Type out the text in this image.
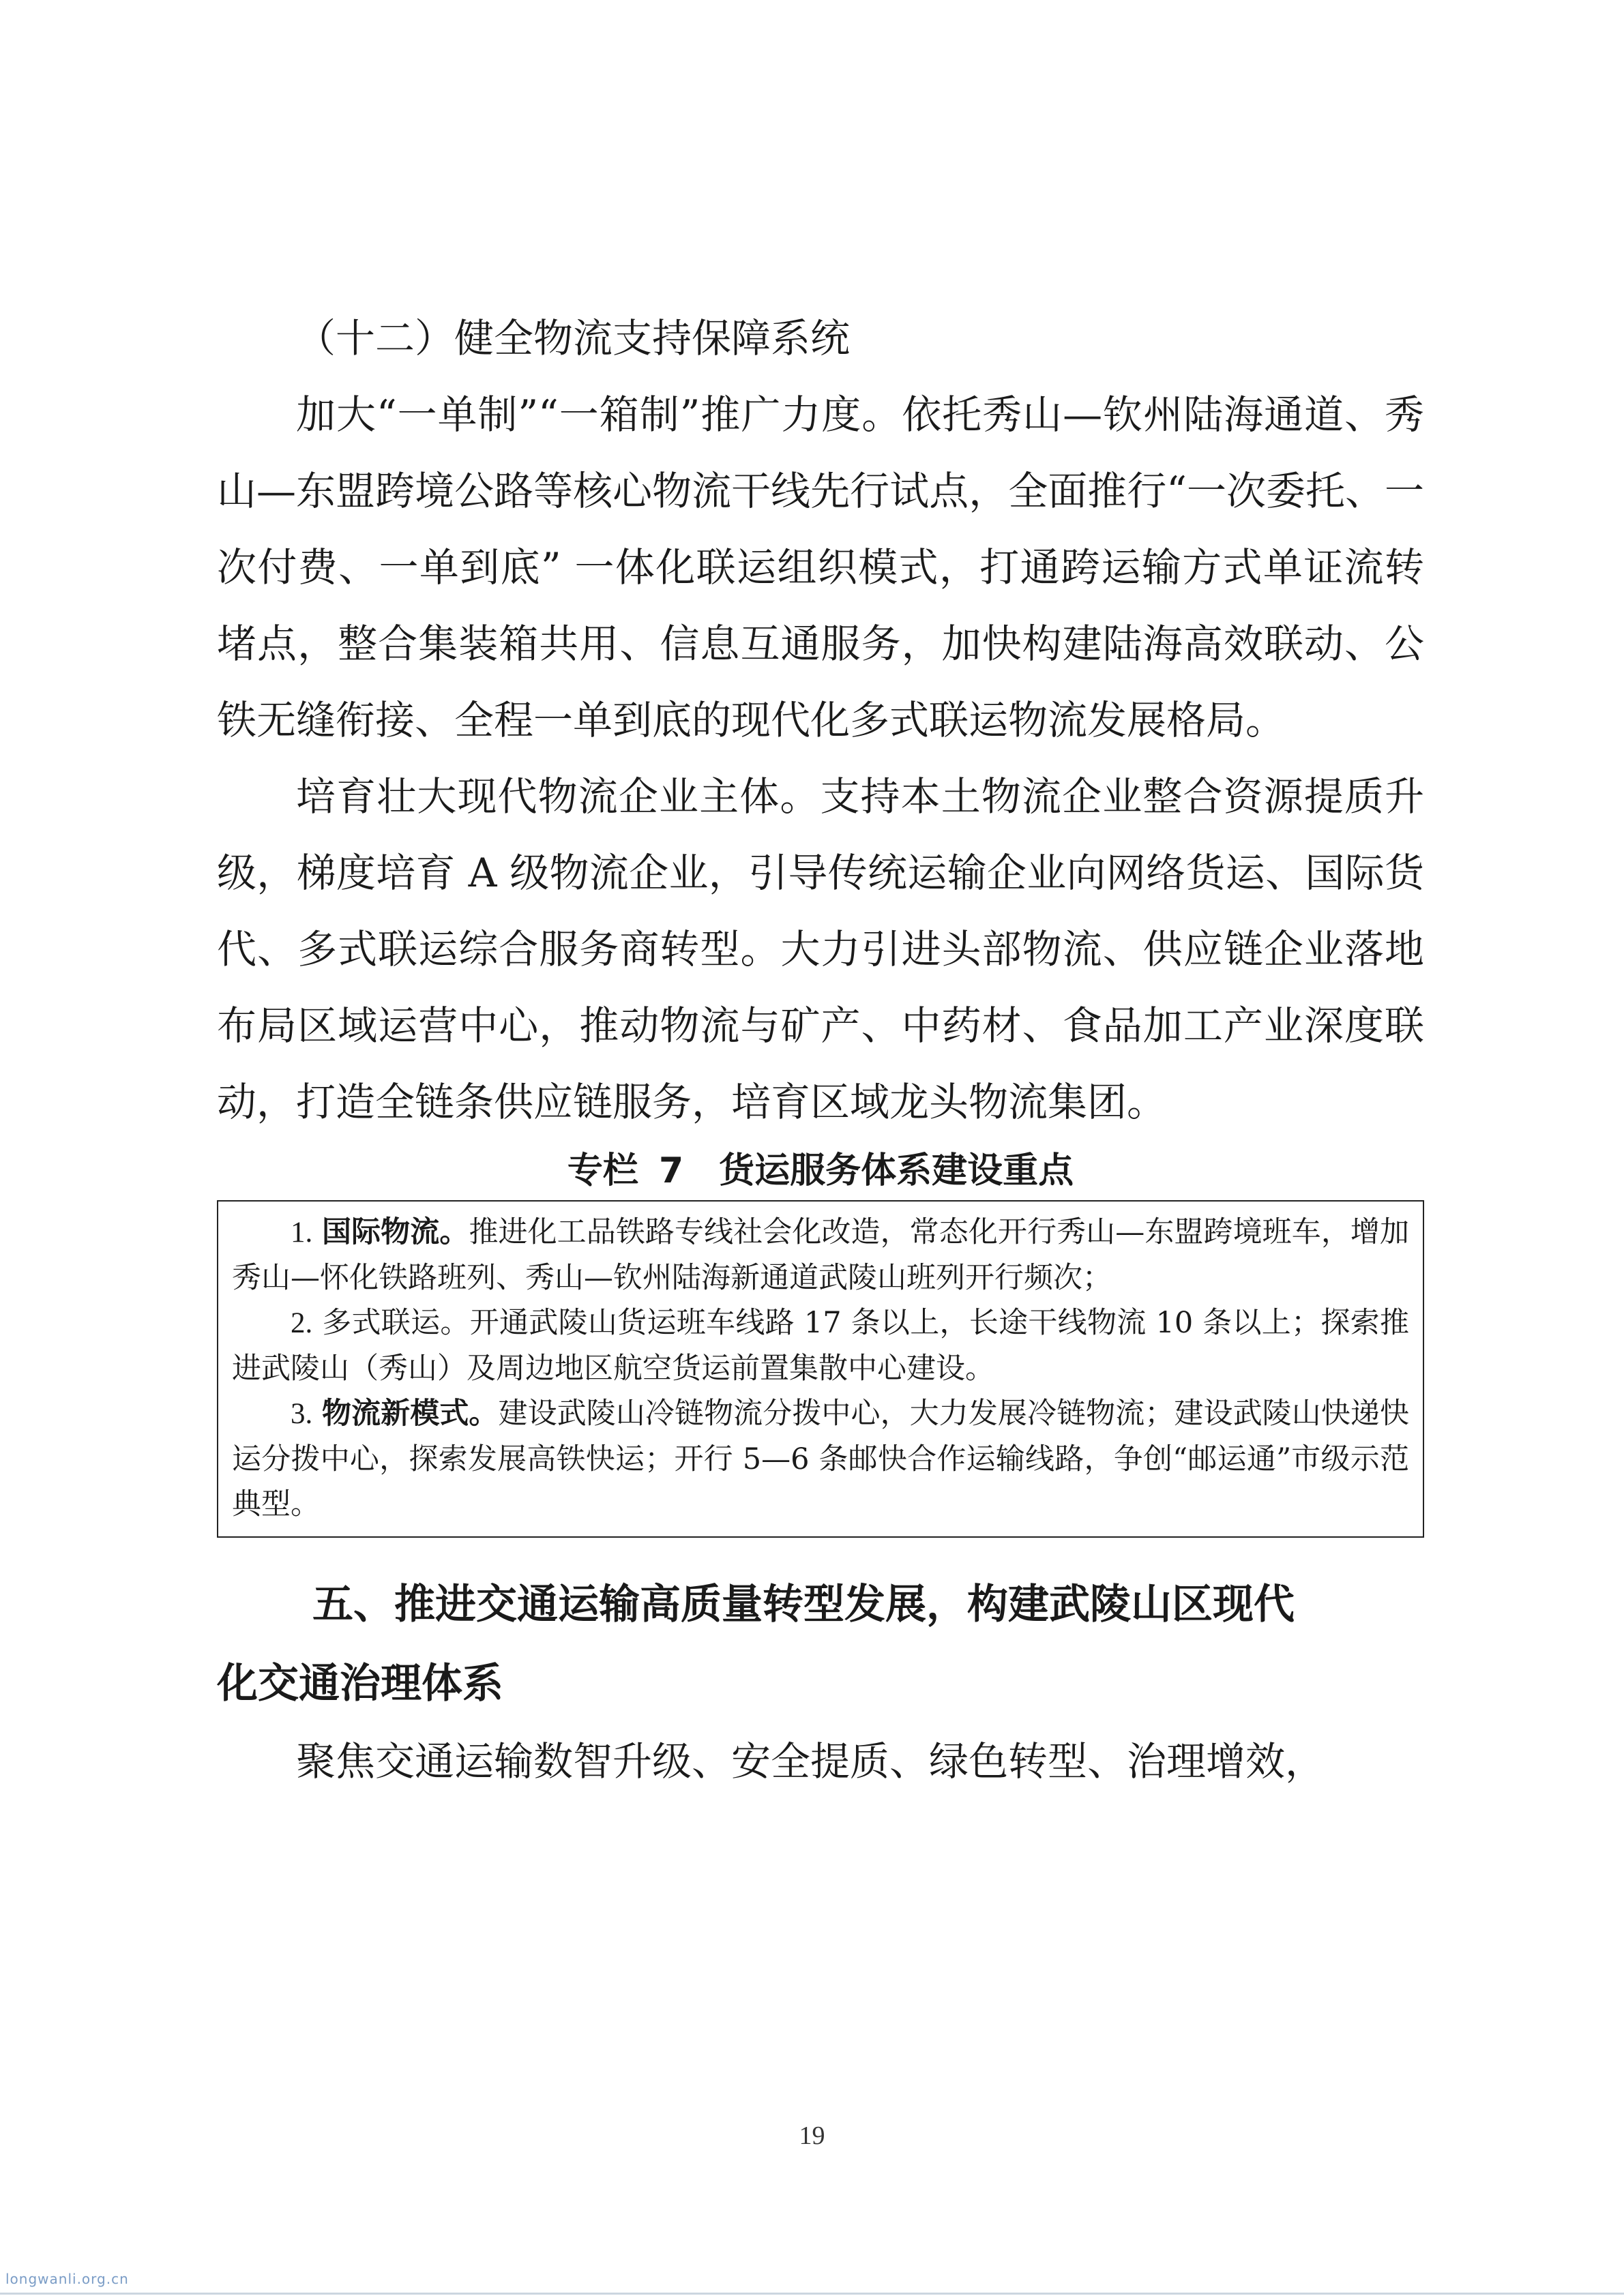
（十二）健全物流支持保障系统

加大“一单制”“一箱制”推广力度。依托秀山—钦州陆海通道、秀山—东盟跨境公路等核心物流干线先行试点，全面推行“一次委托、一次付费、一单到底” 一体化联运组织模式，打通跨运输方式单证流转堵点，整合集装箱共用、信息互通服务，加快构建陆海高效联动、公铁无缝衔接、全程一单到底的现代化多式联运物流发展格局。

培育壮大现代物流企业主体。支持本土物流企业整合资源提质升级，梯度培育 A 级物流企业，引导传统运输企业向网络货运、国际货代、多式联运综合服务商转型。大力引进头部物流、供应链企业落地布局区域运营中心，推动物流与矿产、中药材、食品加工产业深度联动，打造全链条供应链服务，培育区域龙头物流集团。

专栏 7　货运服务体系建设重点

1. 国际物流。推进化工品铁路专线社会化改造，常态化开行秀山—东盟跨境班车，增加秀山—怀化铁路班列、秀山—钦州陆海新通道武陵山班列开行频次；

2. 多式联运。开通武陵山货运班车线路 17 条以上，长途干线物流 10 条以上；探索推进武陵山（秀山）及周边地区航空货运前置集散中心建设。

3. 物流新模式。建设武陵山冷链物流分拨中心，大力发展冷链物流；建设武陵山快递快运分拨中心，探索发展高铁快运；开行 5—6 条邮快合作运输线路，争创“邮运通”市级示范典型。

五、推进交通运输高质量转型发展，构建武陵山区现代
化交通治理体系

聚焦交通运输数智升级、安全提质、绿色转型、治理增效，

19
longwanli.org.cn
